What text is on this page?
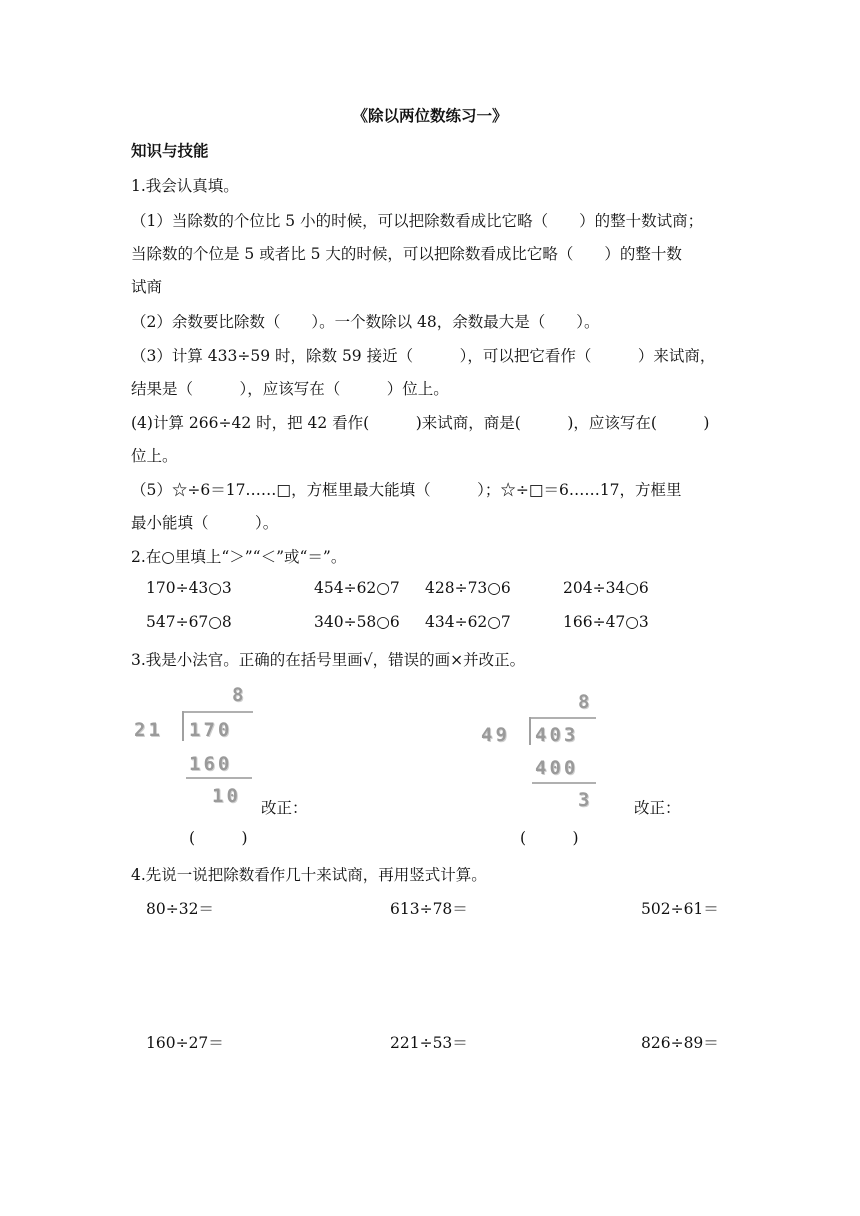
《除以两位数练习一》
知识与技能
1.我会认真填。
（1）当除数的个位比 5 小的时候，可以把除数看成比它略（　　）的整十数试商；
当除数的个位是 5 或者比 5 大的时候，可以把除数看成比它略（　　）的整十数
试商
（2）余数要比除数（　　）。一个数除以 48，余数最大是（　　）。
（3）计算 433÷59 时，除数 59 接近（　　　），可以把它看作（　　　）来试商，
结果是（　　　），应该写在（　　　）位上。
(4)计算 266÷42 时，把 42 看作(　　　)来试商，商是(　　　)，应该写在(　　　)
位上。
（5）☆÷6＝17……□，方框里最大能填（　　　）；☆÷□＝6……17，方框里
最小能填（　　　）。
2.在○里填上“＞”“＜”或“＝”。
170÷43○3	454÷62○7 428÷73○6	204÷34○6
547÷67○8	340÷58○6 434÷62○7	166÷47○3
3.我是小法官。正确的在括号里画√，错误的画×并改正。
8
21 170
160
10
改正：
(　　　)
8
49 403
400
3	改正：
(　　　)
4.先说一说把除数看作几十来试商，再用竖式计算。
80÷32＝	613÷78＝	502÷61＝
160÷27＝	221÷53＝	826÷89＝
